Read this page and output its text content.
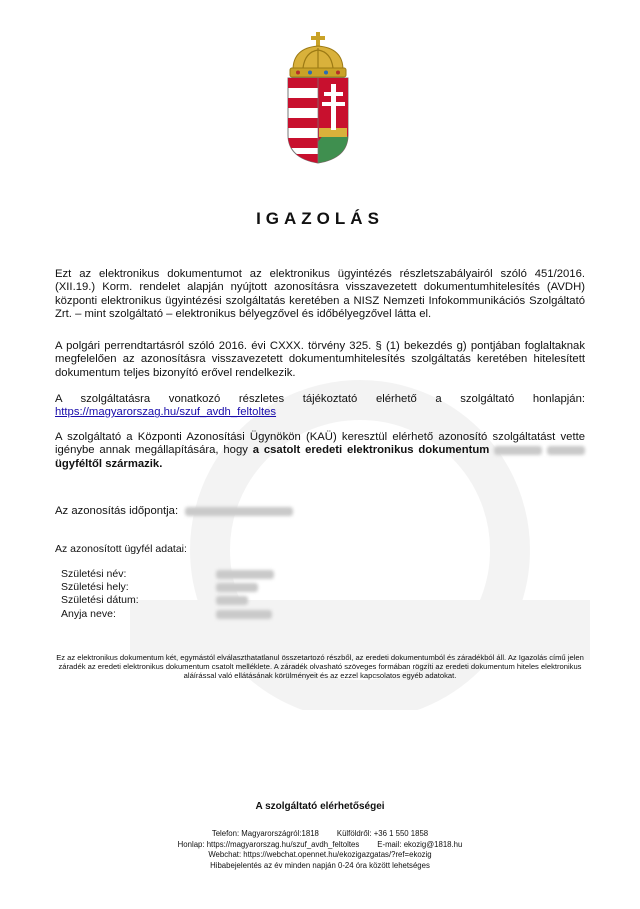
IGAZOLÁS
Ezt az elektronikus dokumentumot az elektronikus ügyintézés részletszabályairól szóló 451/2016. (XII.19.) Korm. rendelet alapján nyújtott azonosításra visszavezetett dokumentumhitelesítés (AVDH) központi elektronikus ügyintézési szolgáltatás keretében a NISZ Nemzeti Infokommunikációs Szolgáltató Zrt. – mint szolgáltató – elektronikus bélyegzővel és időbélyegzővel látta el.
A polgári perrendtartásról szóló 2016. évi CXXX. törvény 325. § (1) bekezdés g) pontjában foglaltaknak megfelelően az azonosításra visszavezetett dokumentumhitelesítés szolgáltatás keretében hitelesített dokumentum teljes bizonyító erővel rendelkezik.
A szolgáltatásra vonatkozó részletes tájékoztató elérhető a szolgáltató honlapján: https://magyarorszag.hu/szuf_avdh_feltoltes
A szolgáltató a Központi Azonosítási Ügynökön (KAÜ) keresztül elérhető azonosító szolgáltatást vette igénybe annak megállapítására, hogy a csatolt eredeti elektronikus dokumentum   ügyféltől származik.
Az azonosítás időpontja:
Az azonosított ügyfél adatai:
Születési név:
Születési hely:
Születési dátum:
Anyja neve:
Ez az elektronikus dokumentum két, egymástól elválaszthatatlanul összetartozó részből, az eredeti dokumentumból és záradékból áll. Az Igazolás című jelen záradék az eredeti elektronikus dokumentum csatolt melléklete. A záradék olvasható szöveges formában rögzíti az eredeti dokumentum hiteles elektronikus aláírással való ellátásának körülményeit és az ezzel kapcsolatos egyéb adatokat.
A szolgáltató elérhetőségei
Telefon: Magyarországról:1818 Külföldről: +36 1 550 1858
Honlap: https://magyarorszag.hu/szuf_avdh_feltoltes E-mail: ekozig@1818.hu
Webchat: https://webchat.opennet.hu/ekozigazgatas/?ref=ekozig
Hibabejelentés az év minden napján 0-24 óra között lehetséges
